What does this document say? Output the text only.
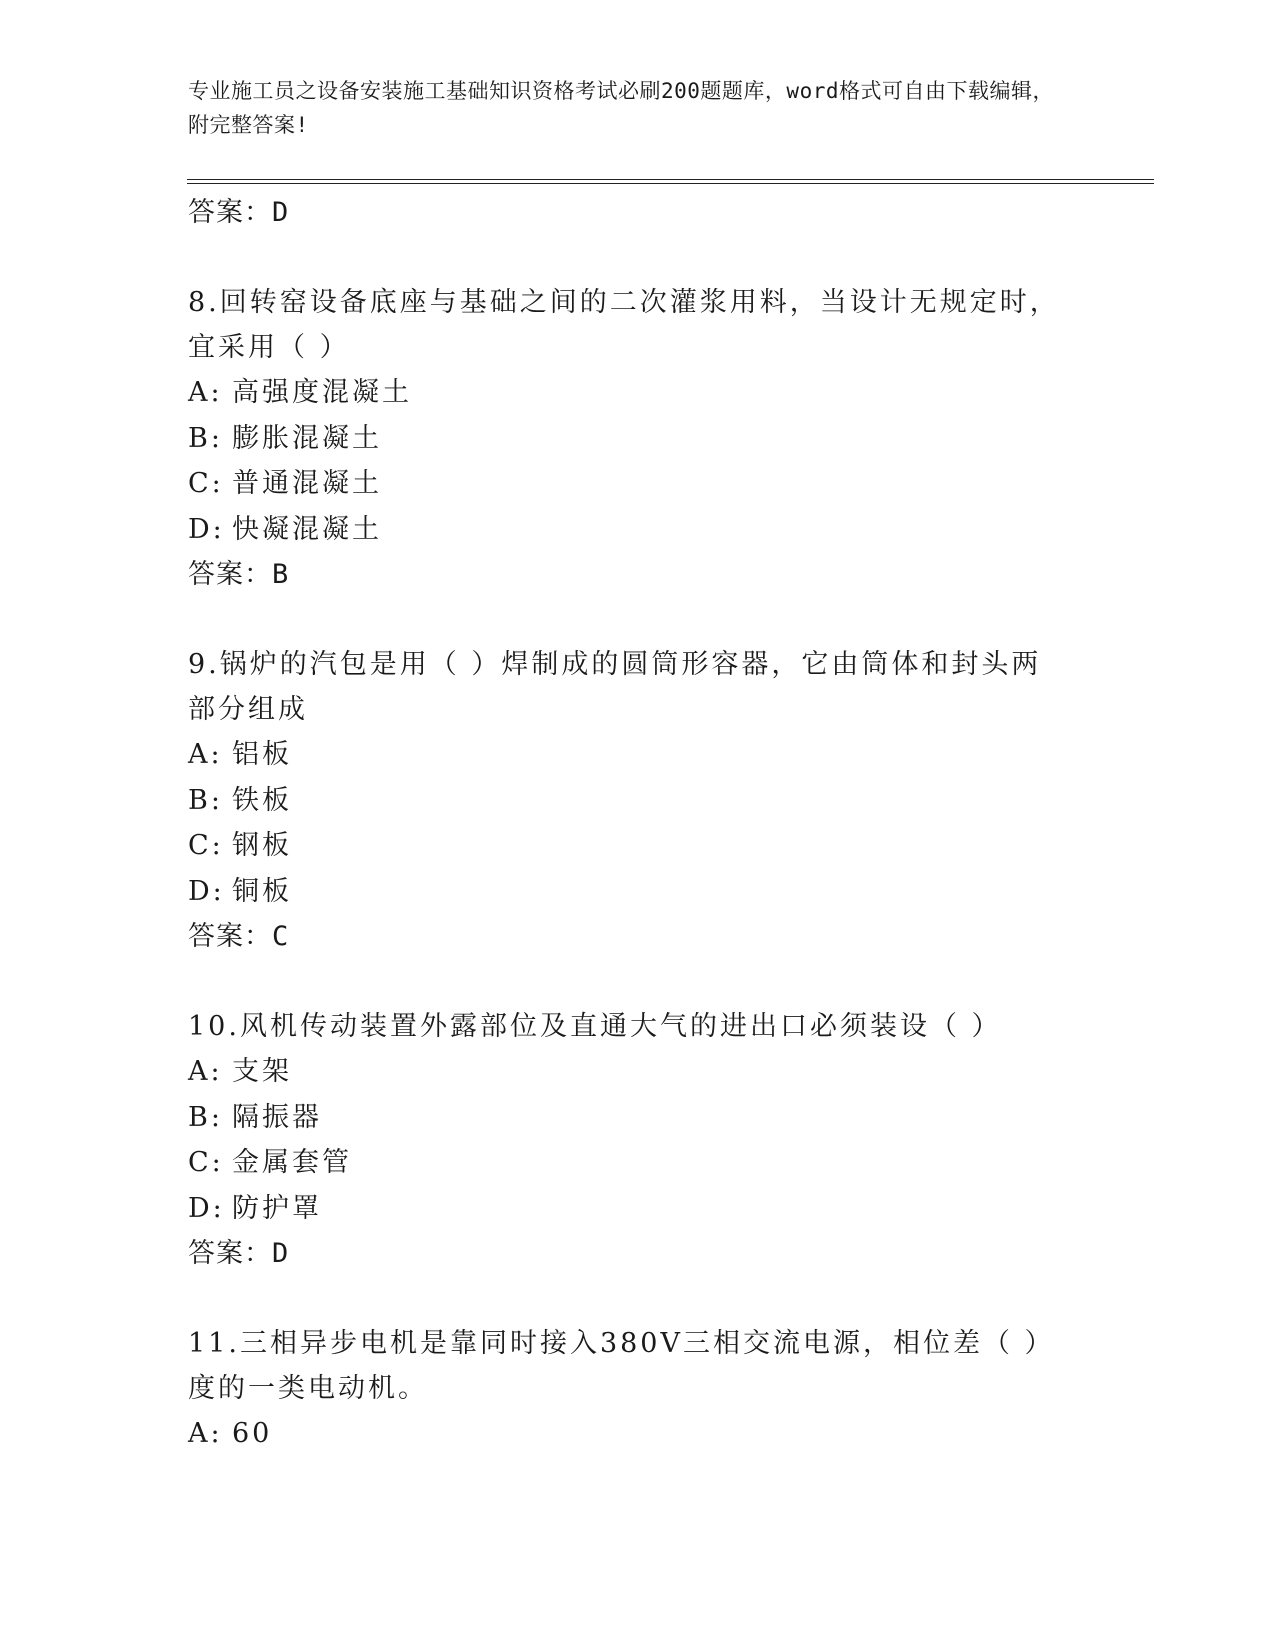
专业施工员之设备安装施工基础知识资格考试必刷200题题库，word格式可自由下载编辑，附完整答案!
答案：D
8.回转窑设备底座与基础之间的二次灌浆用料，当设计无规定时，宜采用（ ）
A: 高强度混凝土
B: 膨胀混凝土
C: 普通混凝土
D: 快凝混凝土
答案：B
9.锅炉的汽包是用（ ）焊制成的圆筒形容器，它由筒体和封头两部分组成
A: 铝板
B: 铁板
C: 钢板
D: 铜板
答案：C
10.风机传动装置外露部位及直通大气的进出口必须装设（ ）
A: 支架
B: 隔振器
C: 金属套管
D: 防护罩
答案：D
11.三相异步电机是靠同时接入380V三相交流电源，相位差（ ）度的一类电动机。
A: 60
